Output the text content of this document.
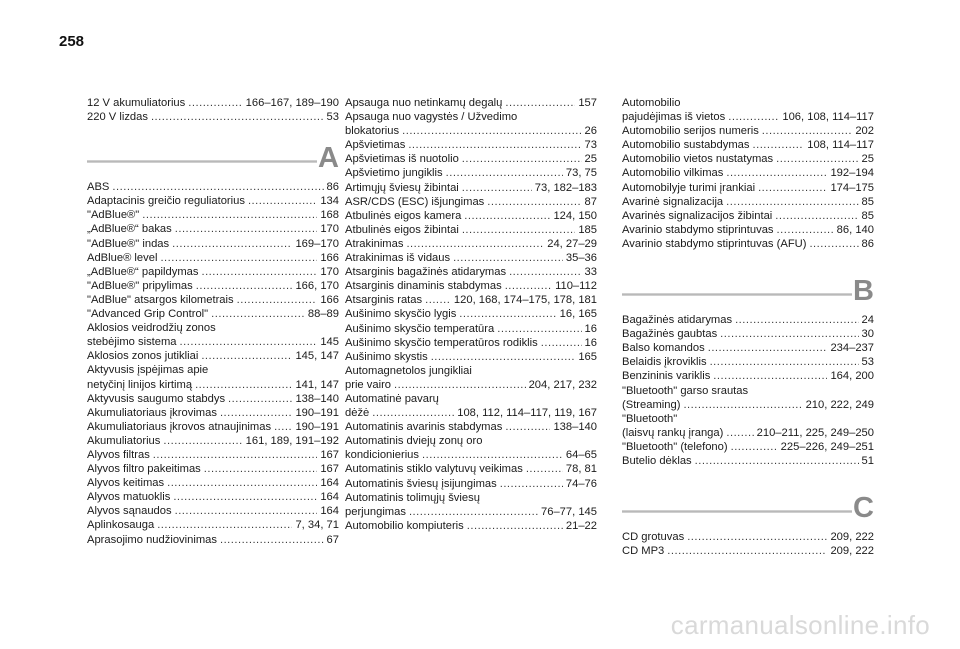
258
12 V akumuliatorius .....	166–167, 189–190
220 V lizdas .....	53
A
ABS .....	86
Adaptacinis greičio reguliatorius .....	134
"AdBlue®" .....	168
„AdBlue®“ bakas .....	170
"AdBlue®" indas .....	169–170
AdBlue® level .....	166
„AdBlue®“ papildymas .....	170
"AdBlue®" pripylimas .....	166, 170
"AdBlue" atsargos kilometrais .....	166
"Advanced Grip Control" .....	88–89
Aklosios veidrodžių zonos
stebėjimo sistema .....	145
Aklosios zonos jutikliai .....	145, 147
Aktyvusis įspėjimas apie
netyčinį linijos kirtimą .....	141, 147
Aktyvusis saugumo stabdys .....	138–140
Akumuliatoriaus įkrovimas .....	190–191
Akumuliatoriaus įkrovos atnaujinimas ..... 190–191
Akumuliatorius .....	161, 189, 191–192
Alyvos filtras .....	167
Alyvos filtro pakeitimas .....	167
Alyvos keitimas .....	164
Alyvos matuoklis .....	164
Alyvos sąnaudos .....	164
Aplinkosauga .....	7, 34, 71
Aprasojimo nudžiovinimas .....	67
Apsauga nuo netinkamų degalų .....	157
Apsauga nuo vagystės / Užvedimo
blokatorius .....	26
Apšvietimas .....	73
Apšvietimas iš nuotolio .....	25
Apšvietimo jungiklis .....	73, 75
Artimųjų šviesų žibintai .....	73, 182–183
ASR/CDS (ESC) išjungimas .....	87
Atbulinės eigos kamera .....	124, 150
Atbulinės eigos žibintai .....	185
Atrakinimas .....	24, 27–29
Atrakinimas iš vidaus .....	35–36
Atsarginis bagažinės atidarymas .....	33
Atsarginis dinaminis stabdymas .....	110–112
Atsarginis ratas .....	120, 168, 174–175, 178, 181
Aušinimo skysčio lygis .....	16, 165
Aušinimo skysčio temperatūra .....	16
Aušinimo skysčio temperatūros rodiklis .....	16
Aušinimo skystis .....	165
Automagnetolos jungikliai
prie vairo .....	204, 217, 232
Automatinė pavarų
dėžė .....	108, 112, 114–117, 119, 167
Automatinis avarinis stabdymas .....	138–140
Automatinis dviejų zonų oro
kondicionierius .....	64–65
Automatinis stiklo valytuvų veikimas .....	78, 81
Automatinis šviesų įsijungimas .....	74–76
Automatinis tolimųjų šviesų
perjungimas .....	76–77, 145
Automobilio kompiuteris .....	21–22
Automobilio
pajudėjimas iš vietos .....	106, 108, 114–117
Automobilio serijos numeris .....	202
Automobilio sustabdymas .....	108, 114–117
Automobilio vietos nustatymas .....	25
Automobilio vilkimas .....	192–194
Automobilyje turimi įrankiai .....	174–175
Avarinė signalizacija .....	85
Avarinės signalizacijos žibintai .....	85
Avarinio stabdymo stiprintuvas .....	86, 140
Avarinio stabdymo stiprintuvas (AFU) .....	86
B
Bagažinės atidarymas .....	24
Bagažinės gaubtas .....	30
Balso komandos .....	234–237
Belaidis įkroviklis .....	53
Benzininis variklis .....	164, 200
"Bluetooth" garso srautas
(Streaming) .....	210, 222, 249
"Bluetooth"
(laisvų rankų įranga) .....	210–211, 225, 249–250
"Bluetooth" (telefono) .....	225–226, 249–251
Butelio dėklas .....	51
C
CD grotuvas .....	209, 222
CD MP3 .....	209, 222
carmanualsonline.info
